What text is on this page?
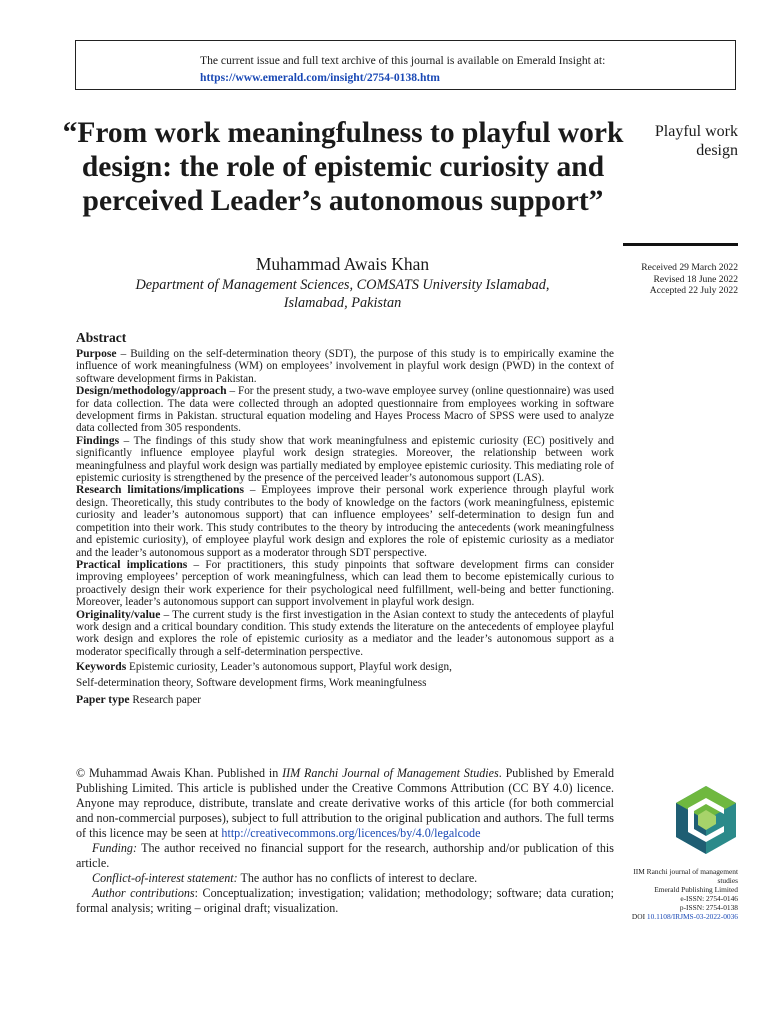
The current issue and full text archive of this journal is available on Emerald Insight at:
https://www.emerald.com/insight/2754-0138.htm
“From work meaningfulness to playful work design: the role of epistemic curiosity and perceived Leader’s autonomous support”

Muhammad Awais Khan

Department of Management Sciences, COMSATS University Islamabad,
Islamabad, Pakistan
Playful work
design
Received 29 March 2022
Revised 18 June 2022
Accepted 22 July 2022
Abstract

Purpose – Building on the self-determination theory (SDT), the purpose of this study is to empirically examine the influence of work meaningfulness (WM) on employees’ involvement in playful work design (PWD) in the context of software development firms in Pakistan.

Design/methodology/approach – For the present study, a two-wave employee survey (online questionnaire) was used for data collection. The data were collected through an adopted questionnaire from employees working in software development firms in Pakistan. structural equation modeling and Hayes Process Macro of SPSS were used to analyze data collected from 305 respondents.

Findings – The findings of this study show that work meaningfulness and epistemic curiosity (EC) positively and significantly influence employee playful work design strategies. Moreover, the relationship between work meaningfulness and playful work design was partially mediated by employee epistemic curiosity. This mediating role of epistemic curiosity is strengthened by the presence of the perceived leader’s autonomous support (LAS).

Research limitations/implications – Employees improve their personal work experience through playful work design. Theoretically, this study contributes to the body of knowledge on the factors (work meaningfulness, epistemic curiosity and leader’s autonomous support) that can influence employees’ self-determination to design fun and competition into their work. This study contributes to the theory by introducing the antecedents (work meaningfulness and epistemic curiosity), of employee playful work design and explores the role of epistemic curiosity as a mediator and the leader’s autonomous support as a moderator through SDT perspective.

Practical implications – For practitioners, this study pinpoints that software development firms can consider improving employees’ perception of work meaningfulness, which can lead them to become epistemically curious to proactively design their work experience for their psychological need fulfillment, well-being and better functioning. Moreover, leader’s autonomous support can support involvement in playful work design.

Originality/value – The current study is the first investigation in the Asian context to study the antecedents of playful work design and a critical boundary condition. This study extends the literature on the antecedents of employee playful work design and explores the role of epistemic curiosity as a mediator and the leader’s autonomous support as a moderator specifically through a self-determination perspective.

Keywords Epistemic curiosity, Leader’s autonomous support, Playful work design,

Self-determination theory, Software development firms, Work meaningfulness

Paper type Research paper

© Muhammad Awais Khan. Published in IIM Ranchi Journal of Management Studies. Published by Emerald Publishing Limited. This article is published under the Creative Commons Attribution (CC BY 4.0) licence. Anyone may reproduce, distribute, translate and create derivative works of this article (for both commercial and non-commercial purposes), subject to full attribution to the original publication and authors. The full terms of this licence may be seen at http://creativecommons.org/licences/by/4.0/legalcode

Funding: The author received no financial support for the research, authorship and/or publication of this article.

Conflict-of-interest statement: The author has no conflicts of interest to declare.

Author contributions: Conceptualization; investigation; validation; methodology; software; data curation; formal analysis; writing – original draft; visualization.

IIM Ranchi journal of management
studies
Emerald Publishing Limited
e-ISSN: 2754-0146
p-ISSN: 2754-0138
DOI 10.1108/IRJMS-03-2022-0036
